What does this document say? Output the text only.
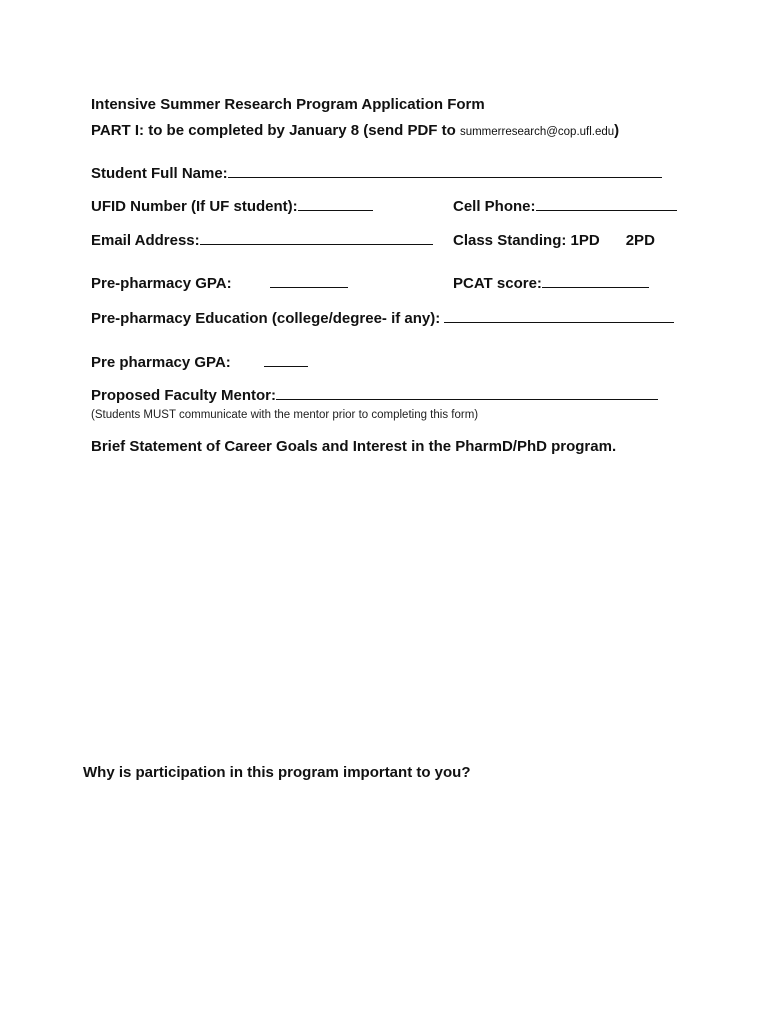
Intensive Summer Research Program Application Form
PART I: to be completed by January 8 (send PDF to summerresearch@cop.ufl.edu)
Student Full Name:
UFID Number (If UF student):	Cell Phone:
Email Address:	Class Standing: 1PD 2PD
Pre-pharmacy GPA:	PCAT score:
Pre-pharmacy Education (college/degree- if any):
Pre pharmacy GPA:
Proposed Faculty Mentor:
(Students MUST communicate with the mentor prior to completing this form)
Brief Statement of Career Goals and Interest in the PharmD/PhD program.
Why is participation in this program important to you?
